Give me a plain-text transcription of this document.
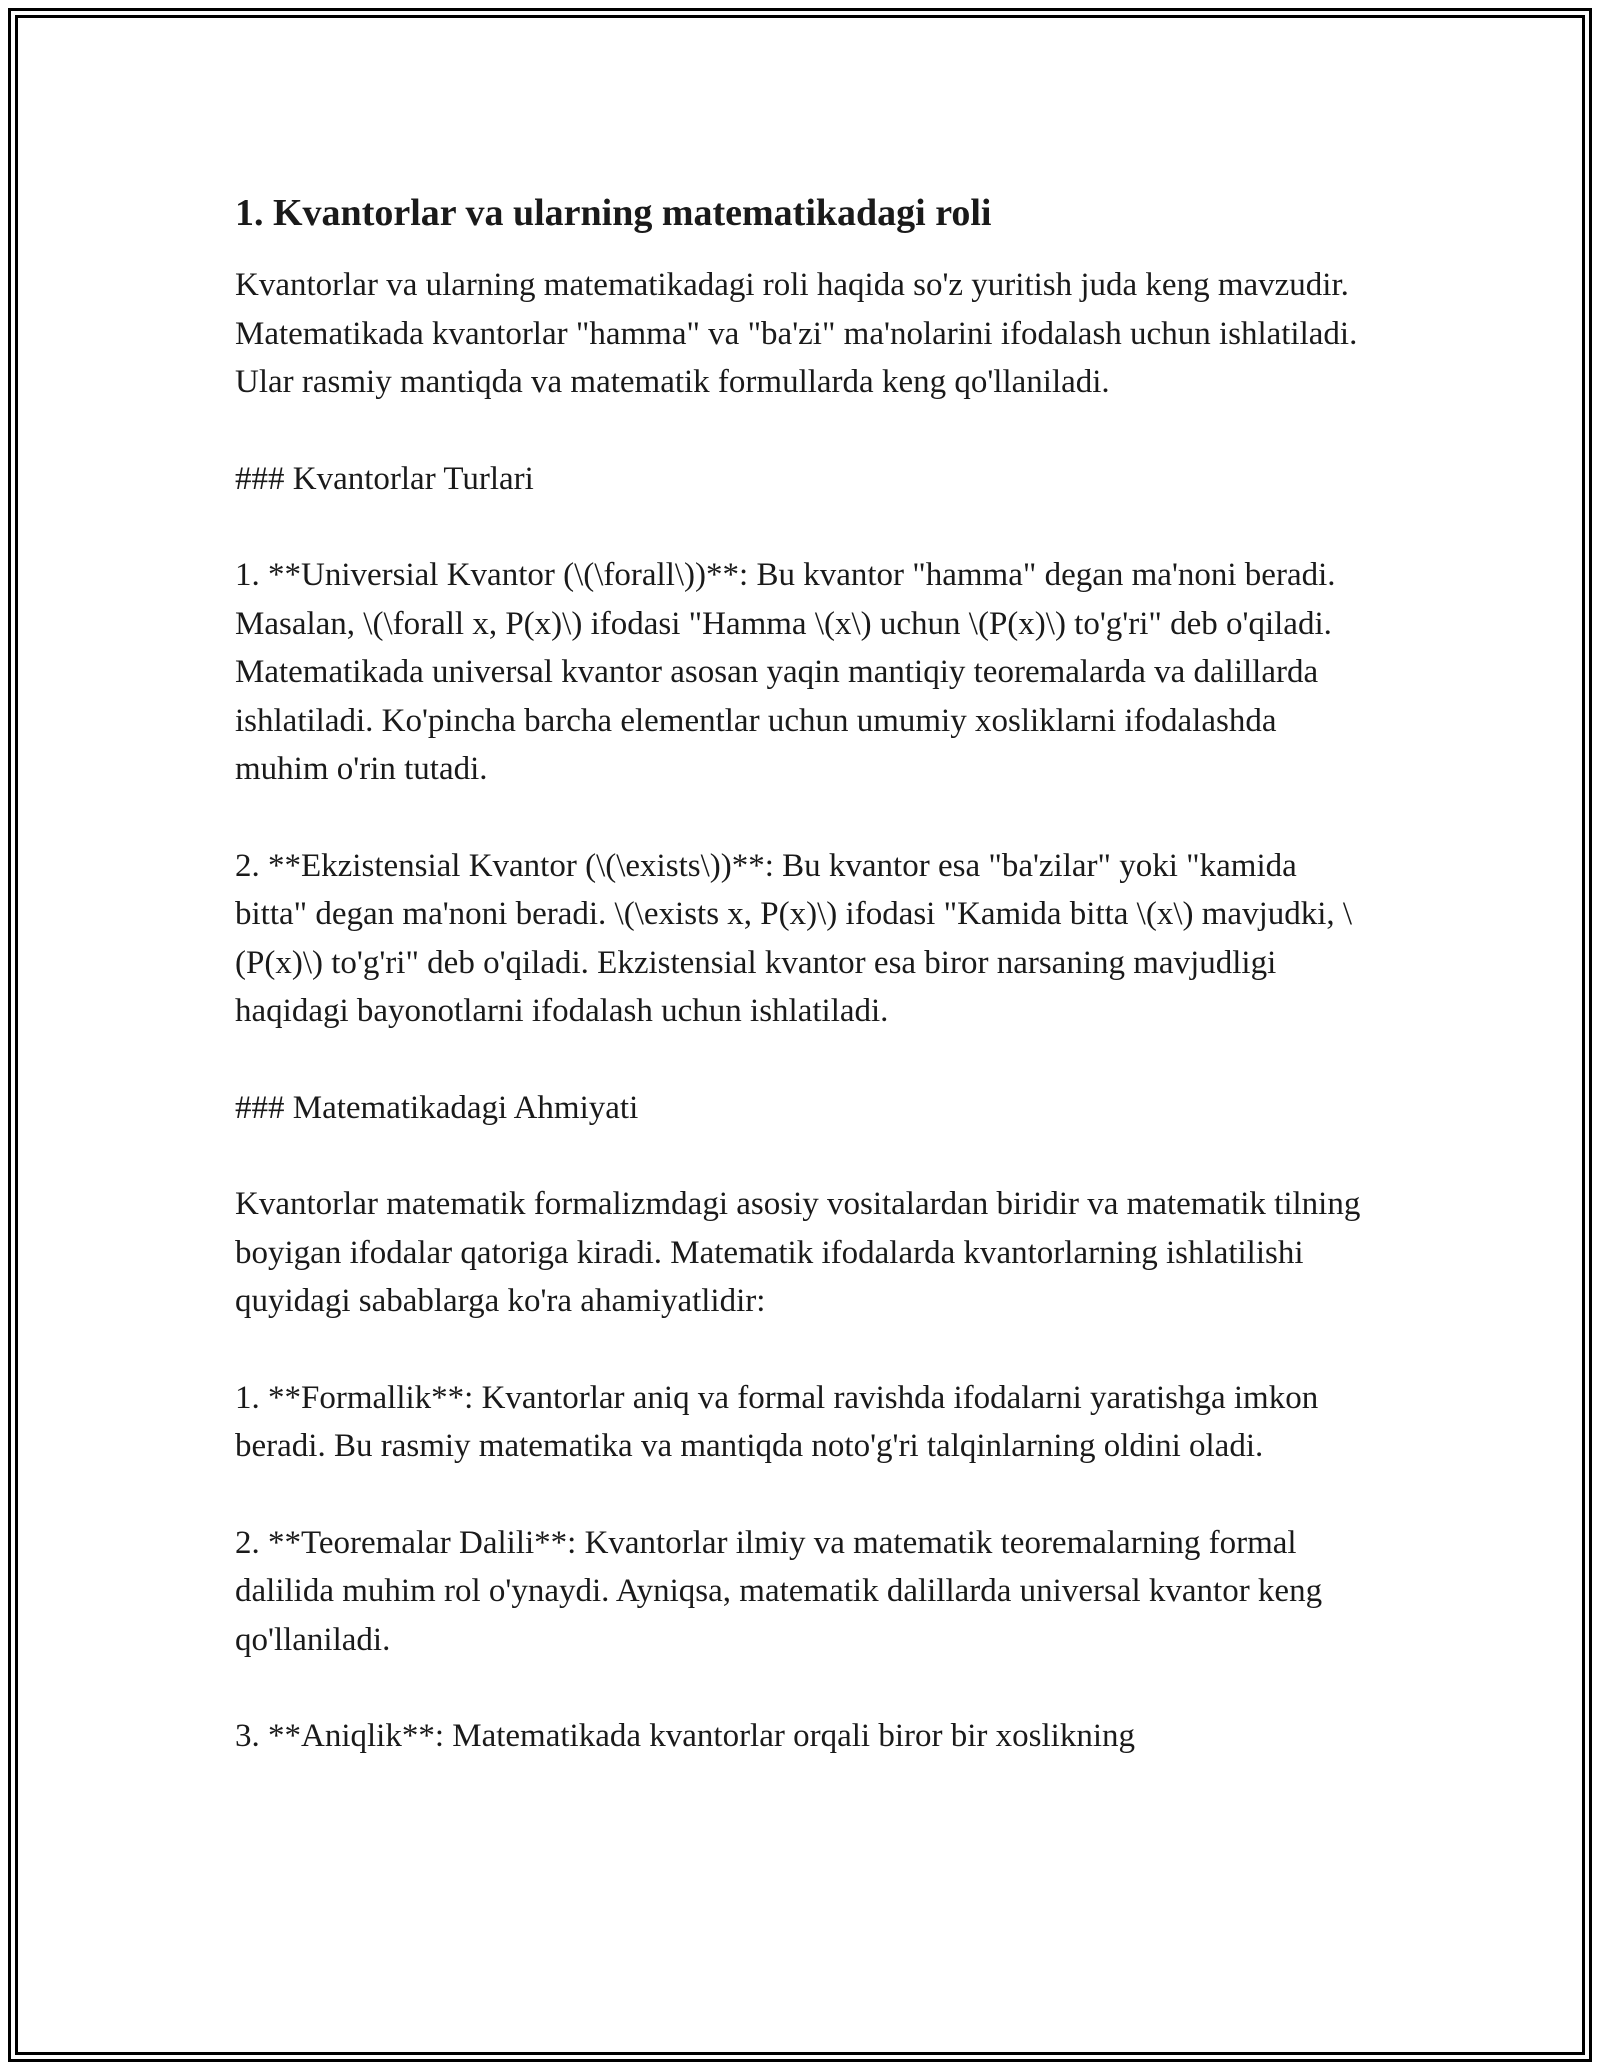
1. Kvantorlar va ularning matematikadagi roli

Kvantorlar va ularning matematikadagi roli haqida so'z yuritish juda keng mavzudir. Matematikada kvantorlar "hamma" va "ba'zi" ma'nolarini ifodalash uchun ishlatiladi. Ular rasmiy mantiqda va matematik formullarda keng qo'llaniladi.

### Kvantorlar Turlari

1. **Universial Kvantor (\(\forall\))**: Bu kvantor "hamma" degan ma'noni beradi. Masalan, \(\forall x, P(x)\) ifodasi "Hamma \(x\) uchun \(P(x)\) to'g'ri" deb o'qiladi. Matematikada universal kvantor asosan yaqin mantiqiy teoremalarda va dalillarda ishlatiladi. Ko'pincha barcha elementlar uchun umumiy xosliklarni ifodalashda muhim o'rin tutadi.

2. **Ekzistensial Kvantor (\(\exists\))**: Bu kvantor esa "ba'zilar" yoki "kamida bitta" degan ma'noni beradi. \(\exists x, P(x)\) ifodasi "Kamida bitta \(x\) mavjudki, \(P(x)\) to'g'ri" deb o'qiladi. Ekzistensial kvantor esa biror narsaning mavjudligi haqidagi bayonotlarni ifodalash uchun ishlatiladi.

### Matematikadagi Ahmiyati

Kvantorlar matematik formalizmdagi asosiy vositalardan biridir va matematik tilning boyigan ifodalar qatoriga kiradi. Matematik ifodalarda kvantorlarning ishlatilishi quyidagi sabablarga ko'ra ahamiyatlidir:

1. **Formallik**: Kvantorlar aniq va formal ravishda ifodalarni yaratishga imkon beradi. Bu rasmiy matematika va mantiqda noto'g'ri talqinlarning oldini oladi.

2. **Teoremalar Dalili**: Kvantorlar ilmiy va matematik teoremalarning formal dalilida muhim rol o'ynaydi. Ayniqsa, matematik dalillarda universal kvantor keng qo'llaniladi.

3. **Aniqlik**: Matematikada kvantorlar orqali biror bir xoslikning
